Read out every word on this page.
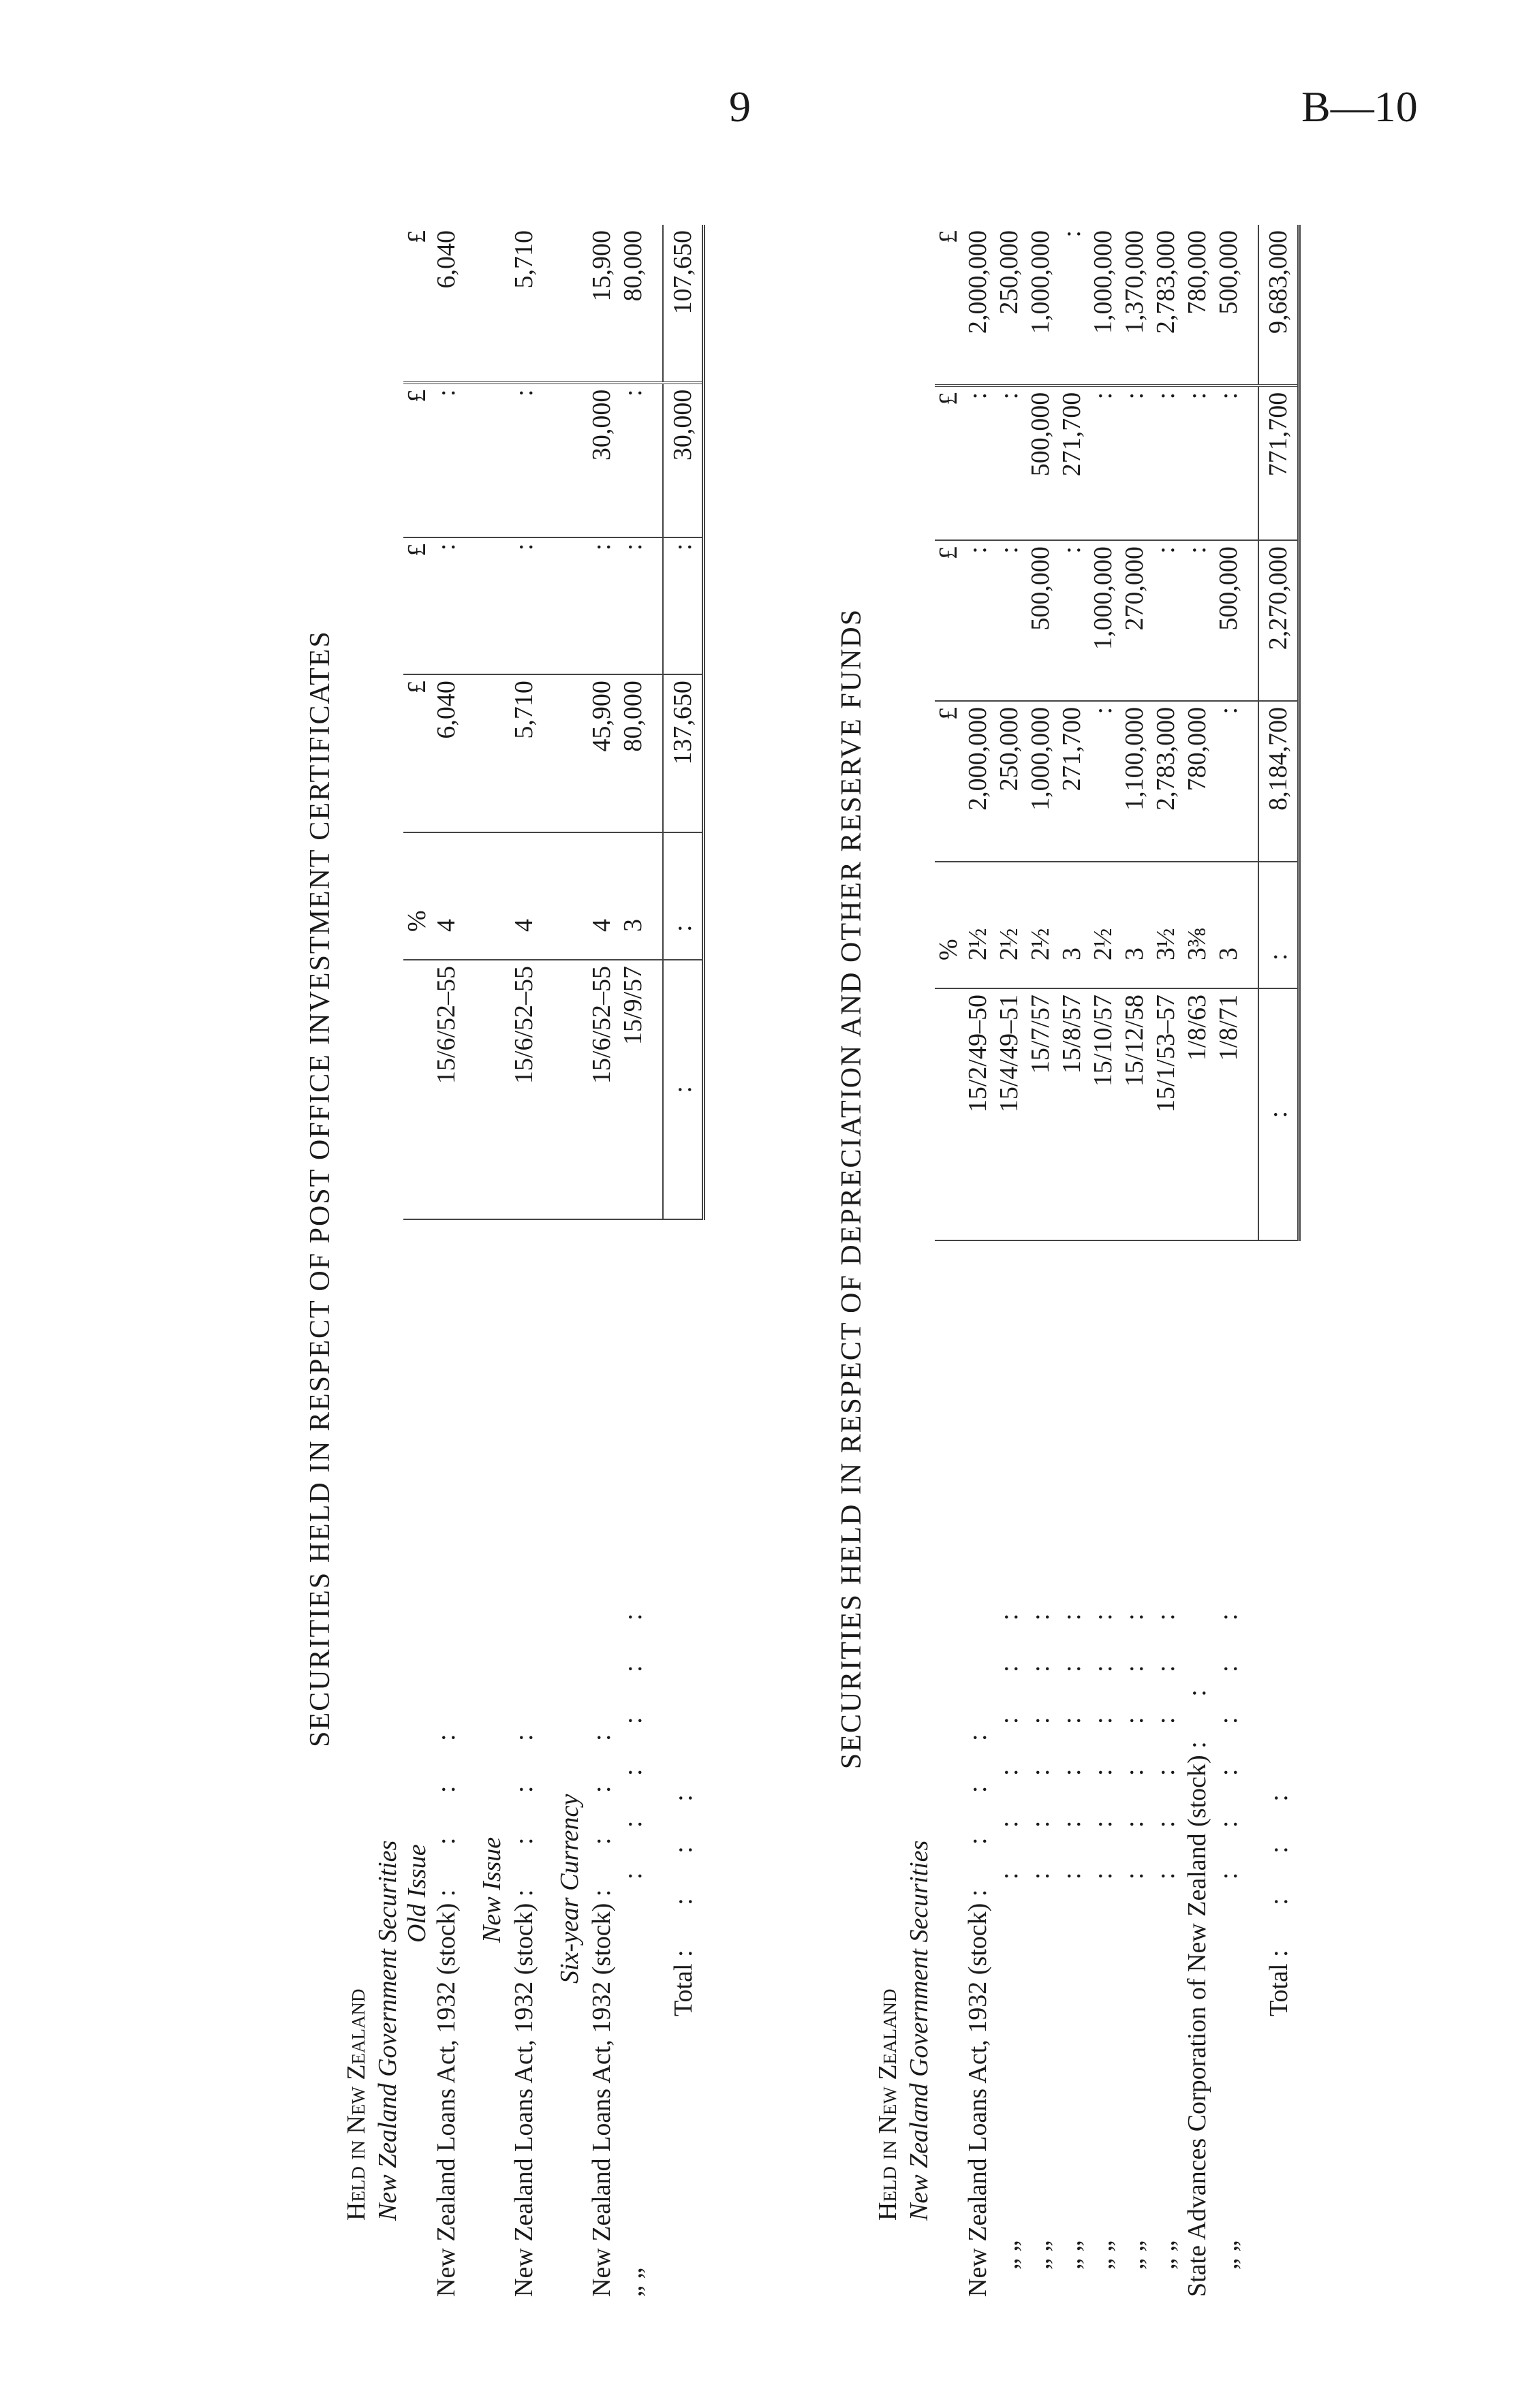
9	B—10
SECURITIES HELD IN RESPECT OF POST OFFICE INVESTMENT CERTIFICATES
Held in New Zealand New Zealand Government Securities Old Issue		%	£	£	£	£
New Zealand Loans Act, 1932 (stock) : : : :	15/6/52–55	4	6,040	:	:	6,040

New Issue						

New Zealand Loans Act, 1932 (stock) : : : :	15/6/52–55	4	5,710	:	:	5,710

Six-year Currency						

New Zealand Loans Act, 1932 (stock) : : : :	15/6/52–55	4	45,900	:	30,000	15,900
„ „ : : : : : :	15/9/57	3	80,000	:	:	80,000

Total : : : :	:	:	137,650	:	30,000	107,650
SECURITIES HELD IN RESPECT OF DEPRECIATION AND OTHER RESERVE FUNDS
Held in New Zealand New Zealand Government Securities
		%	£	£	£	£
New Zealand Loans Act, 1932 (stock) : : : :	15/2/49–50	2½	2,000,000	:	:	2,000,000
„ „ : : : : : :	15/4/49–51	2½	250,000	:	:	250,000
„ „ : : : : : :	15/7/57	2½	1,000,000	500,000	500,000	1,000,000
„ „ : : : : : :	15/8/57	3	271,700	:	271,700	:
„ „ : : : : : :	15/10/57	2½	:	1,000,000	:	1,000,000
„ „ : : : : : :	15/12/58	3	1,100,000	270,000	:	1,370,000
„ „ : : : : : :	15/1/53–57	3½	2,783,000	:	:	2,783,000
State Advances Corporation of New Zealand (stock) : :	1/8/63	3⅜	780,000	:	:	780,000
„ „ : : : : : :	1/8/71	3	:	500,000	:	500,000

Total : : : :	:	:	8,184,700	2,270,000	771,700	9,683,000
